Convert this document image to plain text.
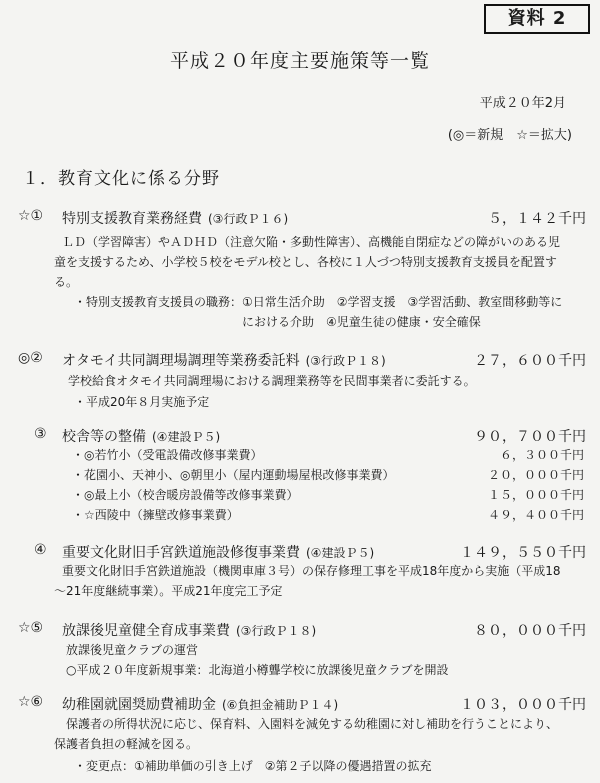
資料 2
平成２０年度主要施策等一覧
平成２０年2月
(◎＝新規　☆＝拡大)
１．教育文化に係る分野
☆① 特別支援教育業務経費 (③行政Ｐ１６)	５，１４２千円
ＬＤ（学習障害）やＡＤＨＤ（注意欠陥・多動性障害）、高機能自閉症などの障がいのある児
童を支援するため、小学校５校をモデル校とし、各校に１人づつ特別支援教育支援員を配置す
る。
・特別支援教育支援員の職務：①日常生活介助　②学習支援　③学習活動、教室間移動等に
　　　　　　　　　　　　　　における介助　④児童生徒の健康・安全確保
◎② オタモイ共同調理場調理等業務委託料 (③行政Ｐ１８)	２７，６００千円
学校給食オタモイ共同調理場における調理業務等を民間事業者に委託する。
・平成20年８月実施予定
③ 校舎等の整備 (④建設Ｐ５)	９０，７００千円
・◎若竹小（受電設備改修事業費）	６，３００千円
・花園小、天神小、◎朝里小（屋内運動場屋根改修事業費）	２０，０００千円
・◎最上小（校舎暖房設備等改修事業費）	１５，０００千円
・☆西陵中（擁壁改修事業費）	４９，４００千円
④ 重要文化財旧手宮鉄道施設修復事業費 (④建設Ｐ５)	１４９，５５０千円
重要文化財旧手宮鉄道施設（機関車庫３号）の保存修理工事を平成18年度から実施（平成18
～21年度継続事業）。平成21年度完工予定
☆⑤ 放課後児童健全育成事業費 (③行政Ｐ１８)	８０，０００千円
放課後児童クラブの運営
○平成２０年度新規事業：北海道小樽聾学校に放課後児童クラブを開設
☆⑥ 幼稚園就園奨励費補助金 (⑥負担金補助Ｐ１４)	１０３，０００千円
保護者の所得状況に応じ、保育料、入園料を減免する幼稚園に対し補助を行うことにより、
保護者負担の軽減を図る。
・変更点：①補助単価の引き上げ　②第２子以降の優遇措置の拡充
